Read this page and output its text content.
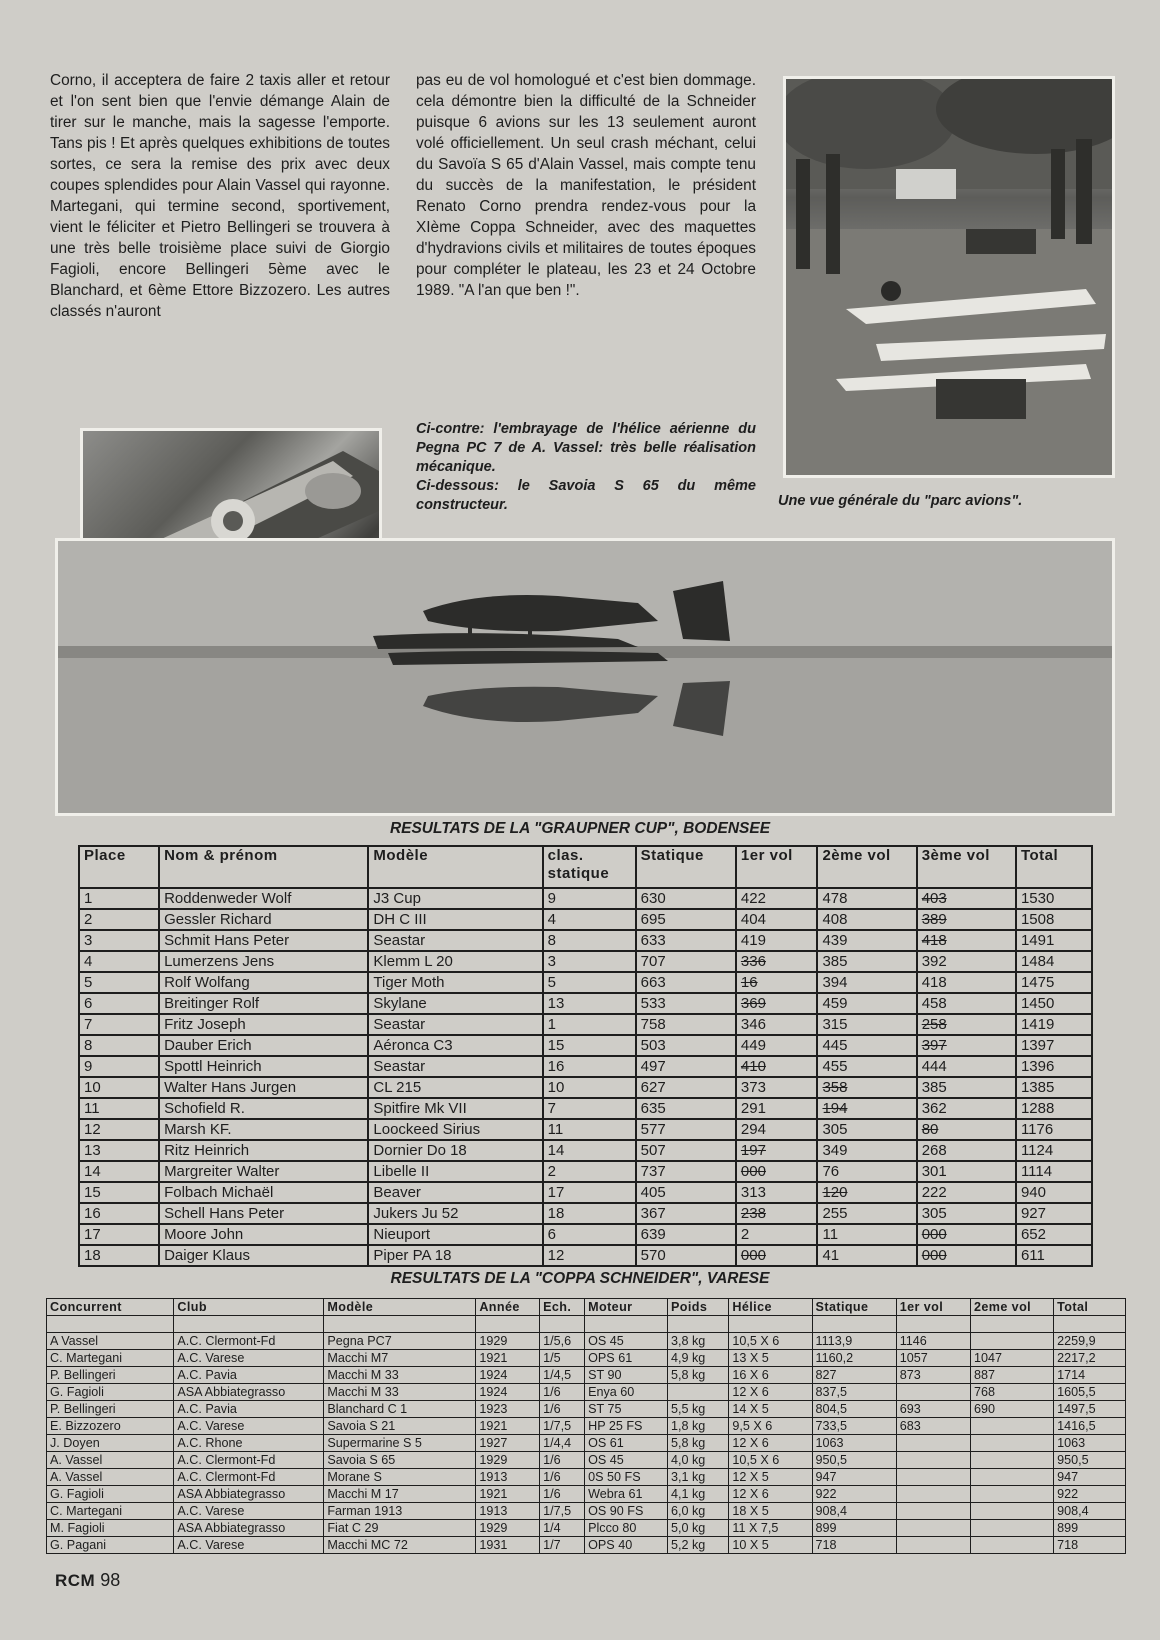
Corno, il acceptera de faire 2 taxis aller et retour et l'on sent bien que l'envie démange Alain de tirer sur le manche, mais la sagesse l'emporte. Tans pis ! Et après quelques exhibitions de toutes sortes, ce sera la remise des prix avec deux coupes splendides pour Alain Vassel qui rayonne. Martegani, qui termine second, sportivement, vient le féliciter et Pietro Bellingeri se trouvera à une très belle troisième place suivi de Giorgio Fagioli, encore Bellingeri 5ème avec le Blanchard, et 6ème Ettore Bizzozero. Les autres classés n'auront

pas eu de vol homologué et c'est bien dommage. cela démontre bien la difficulté de la Schneider puisque 6 avions sur les 13 seulement auront volé officiellement. Un seul crash méchant, celui du Savoïa S 65 d'Alain Vassel, mais compte tenu du succès de la manifestation, le président Renato Corno prendra rendez-vous pour la XIème Coppa Schneider, avec des maquettes d'hydravions civils et militaires de toutes époques pour compléter le plateau, les 23 et 24 Octobre 1989. "A l'an que ben !".

Ci-contre: l'embrayage de l'hélice aérienne du Pegna PC 7 de A. Vassel: très belle réalisation mécanique.
Ci-dessous: le Savoia S 65 du même constructeur.	Une vue générale du "parc avions".
RESULTATS DE LA "GRAUPNER CUP", BODENSEE
Place	Nom & prénom	Modèle	clas. statique	Statique	1er vol	2ème vol	3ème vol	Total
1	Roddenweder Wolf	J3 Cup	9	630	422	478	403	1530
2	Gessler Richard	DH C III	4	695	404	408	389	1508
3	Schmit Hans Peter	Seastar	8	633	419	439	418	1491
4	Lumerzens Jens	Klemm L 20	3	707	336	385	392	1484
5	Rolf Wolfang	Tiger Moth	5	663	16	394	418	1475
6	Breitinger Rolf	Skylane	13	533	369	459	458	1450
7	Fritz Joseph	Seastar	1	758	346	315	258	1419
8	Dauber Erich	Aéronca C3	15	503	449	445	397	1397
9	Spottl Heinrich	Seastar	16	497	410	455	444	1396
10	Walter Hans Jurgen	CL 215	10	627	373	358	385	1385
11	Schofield R.	Spitfire Mk VII	7	635	291	194	362	1288
12	Marsh KF.	Loockeed Sirius	11	577	294	305	80	1176
13	Ritz Heinrich	Dornier Do 18	14	507	197	349	268	1124
14	Margreiter Walter	Libelle II	2	737	000	76	301	1114
15	Folbach Michaël	Beaver	17	405	313	120	222	940
16	Schell Hans Peter	Jukers Ju 52	18	367	238	255	305	927
17	Moore John	Nieuport	6	639	2	11	000	652
18	Daiger Klaus	Piper PA 18	12	570	000	41	000	611
RESULTATS DE LA "COPPA SCHNEIDER", VARESE
Concurrent	Club	Modèle	Année	Ech.	Moteur	Poids	Hélice	Statique	1er vol	2eme vol	Total

A Vassel	A.C. Clermont-Fd	Pegna PC7	1929	1/5,6	OS 45	3,8 kg	10,5 X 6	1113,9	1146		2259,9
C. Martegani	A.C. Varese	Macchi M7	1921	1/5	OPS 61	4,9 kg	13 X 5	1160,2	1057	1047	2217,2
P. Bellingeri	A.C. Pavia	Macchi M 33	1924	1/4,5	ST 90	5,8 kg	16 X 6	827	873	887	1714
G. Fagioli	ASA Abbiategrasso	Macchi M 33	1924	1/6	Enya 60		12 X 6	837,5		768	1605,5
P. Bellingeri	A.C. Pavia	Blanchard C 1	1923	1/6	ST 75	5,5 kg	14 X 5	804,5	693	690	1497,5
E. Bizzozero	A.C. Varese	Savoia S 21	1921	1/7,5	HP 25 FS	1,8 kg	9,5 X 6	733,5	683		1416,5
J. Doyen	A.C. Rhone	Supermarine S 5	1927	1/4,4	OS 61	5,8 kg	12 X 6	1063			1063
A. Vassel	A.C. Clermont-Fd	Savoia S 65	1929	1/6	OS 45	4,0 kg	10,5 X 6	950,5			950,5
A. Vassel	A.C. Clermont-Fd	Morane S	1913	1/6	0S 50 FS	3,1 kg	12 X 5	947			947
G. Fagioli	ASA Abbiategrasso	Macchi M 17	1921	1/6	Webra 61	4,1 kg	12 X 6	922			922
C. Martegani	A.C. Varese	Farman 1913	1913	1/7,5	OS 90 FS	6,0 kg	18 X 5	908,4			908,4
M. Fagioli	ASA Abbiategrasso	Fiat C 29	1929	1/4	Plcco 80	5,0 kg	11 X 7,5	899			899
G. Pagani	A.C. Varese	Macchi MC 72	1931	1/7	OPS 40	5,2 kg	10 X 5	718			718
RCM 98
